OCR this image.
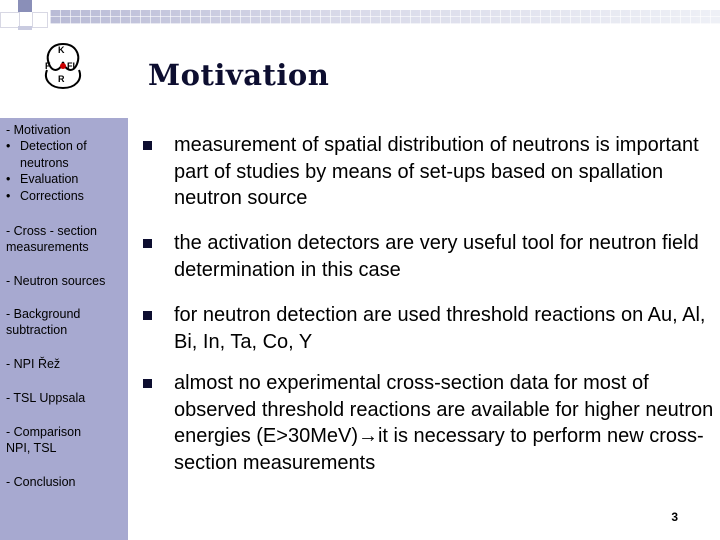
K
F FI
R
- Motivation
• Detection of neutrons
• Evaluation
• Corrections
- Cross - section
measurements
- Neutron sources
- Background
subtraction
- NPI Řež
- TSL Uppsala
- Comparison
NPI, TSL
- Conclusion
Motivation
measurement of spatial distribution of neutrons is important part of studies by means of set-ups based on spallation neutron source
the activation detectors are very useful tool for neutron field determination in this case
for neutron detection are used threshold reactions on Au, Al, Bi, In, Ta, Co, Y
almost no experimental cross-section data for most of observed threshold reactions are available for higher neutron energies (E>30MeV)→it is necessary to perform new cross-section measurements
3
